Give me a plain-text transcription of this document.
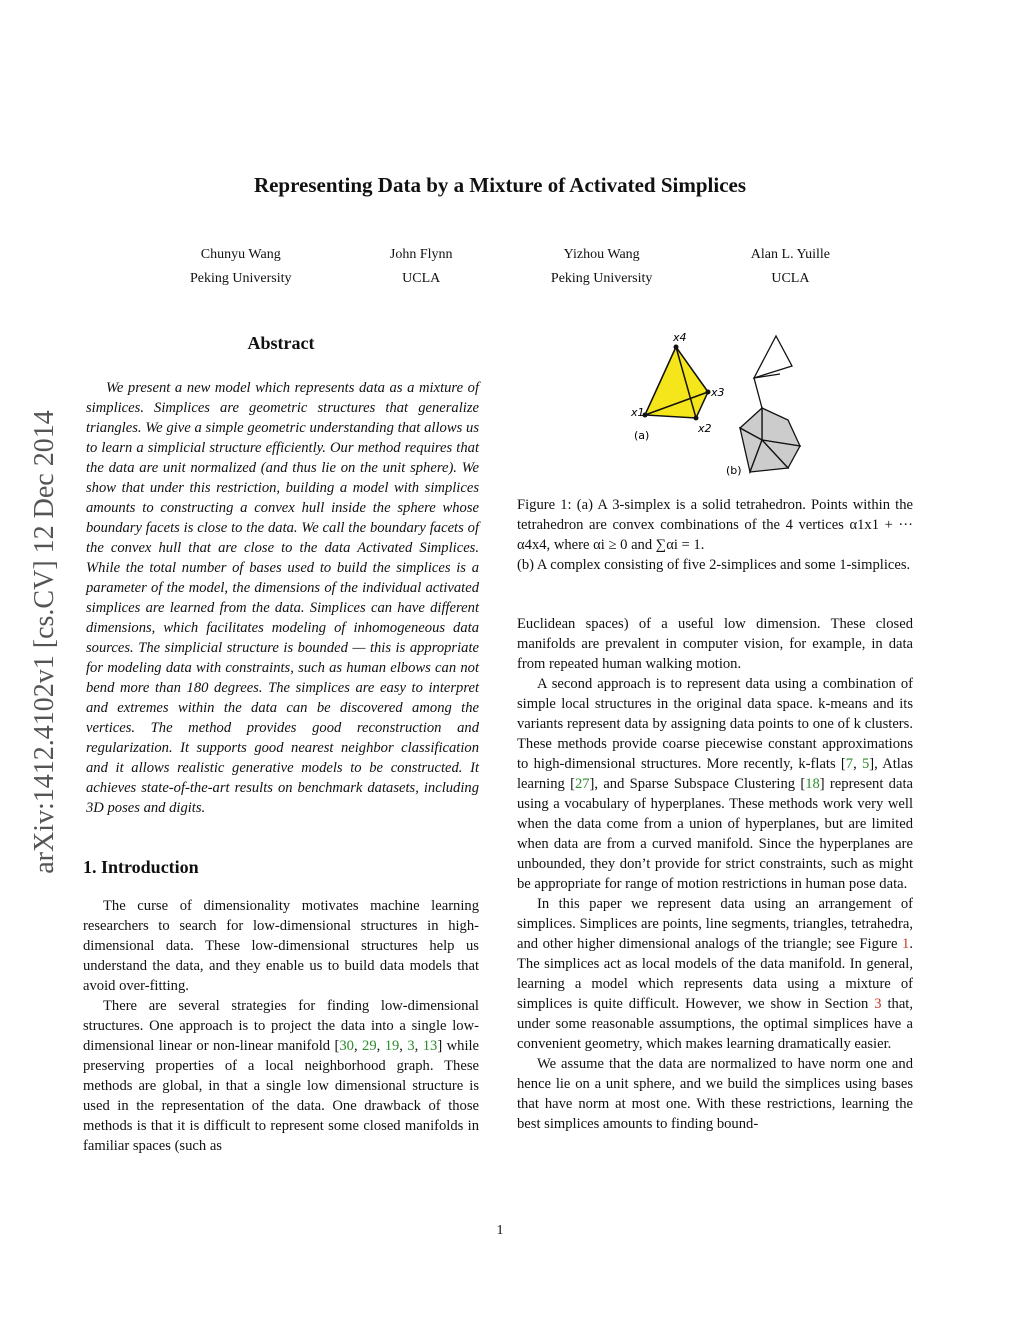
Representing Data by a Mixture of Activated Simplices
Chunyu Wang
Peking University
John Flynn
UCLA
Yizhou Wang
Peking University
Alan L. Yuille
UCLA
arXiv:1412.4102v1 [cs.CV] 12 Dec 2014
Abstract

We present a new model which represents data as a mixture of simplices. Simplices are geometric structures that generalize triangles. We give a simple geometric understanding that allows us to learn a simplicial structure efficiently. Our method requires that the data are unit normalized (and thus lie on the unit sphere). We show that under this restriction, building a model with simplices amounts to constructing a convex hull inside the sphere whose boundary facets is close to the data. We call the boundary facets of the convex hull that are close to the data Activated Simplices. While the total number of bases used to build the simplices is a parameter of the model, the dimensions of the individual activated simplices are learned from the data. Simplices can have different dimensions, which facilitates modeling of inhomogeneous data sources. The simplicial structure is bounded — this is appropriate for modeling data with constraints, such as human elbows can not bend more than 180 degrees. The simplices are easy to interpret and extremes within the data can be discovered among the vertices. The method provides good reconstruction and regularization. It supports good nearest neighbor classification and it allows realistic generative models to be constructed. It achieves state-of-the-art results on benchmark datasets, including 3D poses and digits.

1. Introduction

The curse of dimensionality motivates machine learning researchers to search for low-dimensional structures in high-dimensional data. These low-dimensional structures help us understand the data, and they enable us to build data models that avoid over-fitting.

There are several strategies for finding low-dimensional structures. One approach is to project the data into a single low-dimensional linear or non-linear manifold [30, 29, 19, 3, 13] while preserving properties of a local neighborhood graph. These methods are global, in that a single low dimensional structure is used in the representation of the data. One drawback of those methods is that it is difficult to represent some closed manifolds in familiar spaces (such as

x4
x3
x2
x1
(a)
(b)
Figure 1: (a) A 3-simplex is a solid tetrahedron. Points within the tetrahedron are convex combinations of the 4 vertices α1x1 + ··· α4x4, where αi ≥ 0 and ∑αi = 1.
(b) A complex consisting of five 2-simplices and some 1-simplices.

Euclidean spaces) of a useful low dimension. These closed manifolds are prevalent in computer vision, for example, in data from repeated human walking motion.

A second approach is to represent data using a combination of simple local structures in the original data space. k-means and its variants represent data by assigning data points to one of k clusters. These methods provide coarse piecewise constant approximations to high-dimensional structures. More recently, k-flats [7, 5], Atlas learning [27], and Sparse Subspace Clustering [18] represent data using a vocabulary of hyperplanes. These methods work very well when the data come from a union of hyperplanes, but are limited when data are from a curved manifold. Since the hyperplanes are unbounded, they don’t provide for strict constraints, such as might be appropriate for range of motion restrictions in human pose data.

In this paper we represent data using an arrangement of simplices. Simplices are points, line segments, triangles, tetrahedra, and other higher dimensional analogs of the triangle; see Figure 1. The simplices act as local models of the data manifold. In general, learning a model which represents data using a mixture of simplices is quite difficult. However, we show in Section 3 that, under some reasonable assumptions, the optimal simplices have a convenient geometry, which makes learning dramatically easier.

We assume that the data are normalized to have norm one and hence lie on a unit sphere, and we build the simplices using bases that have norm at most one. With these restrictions, learning the best simplices amounts to finding bound-

1
